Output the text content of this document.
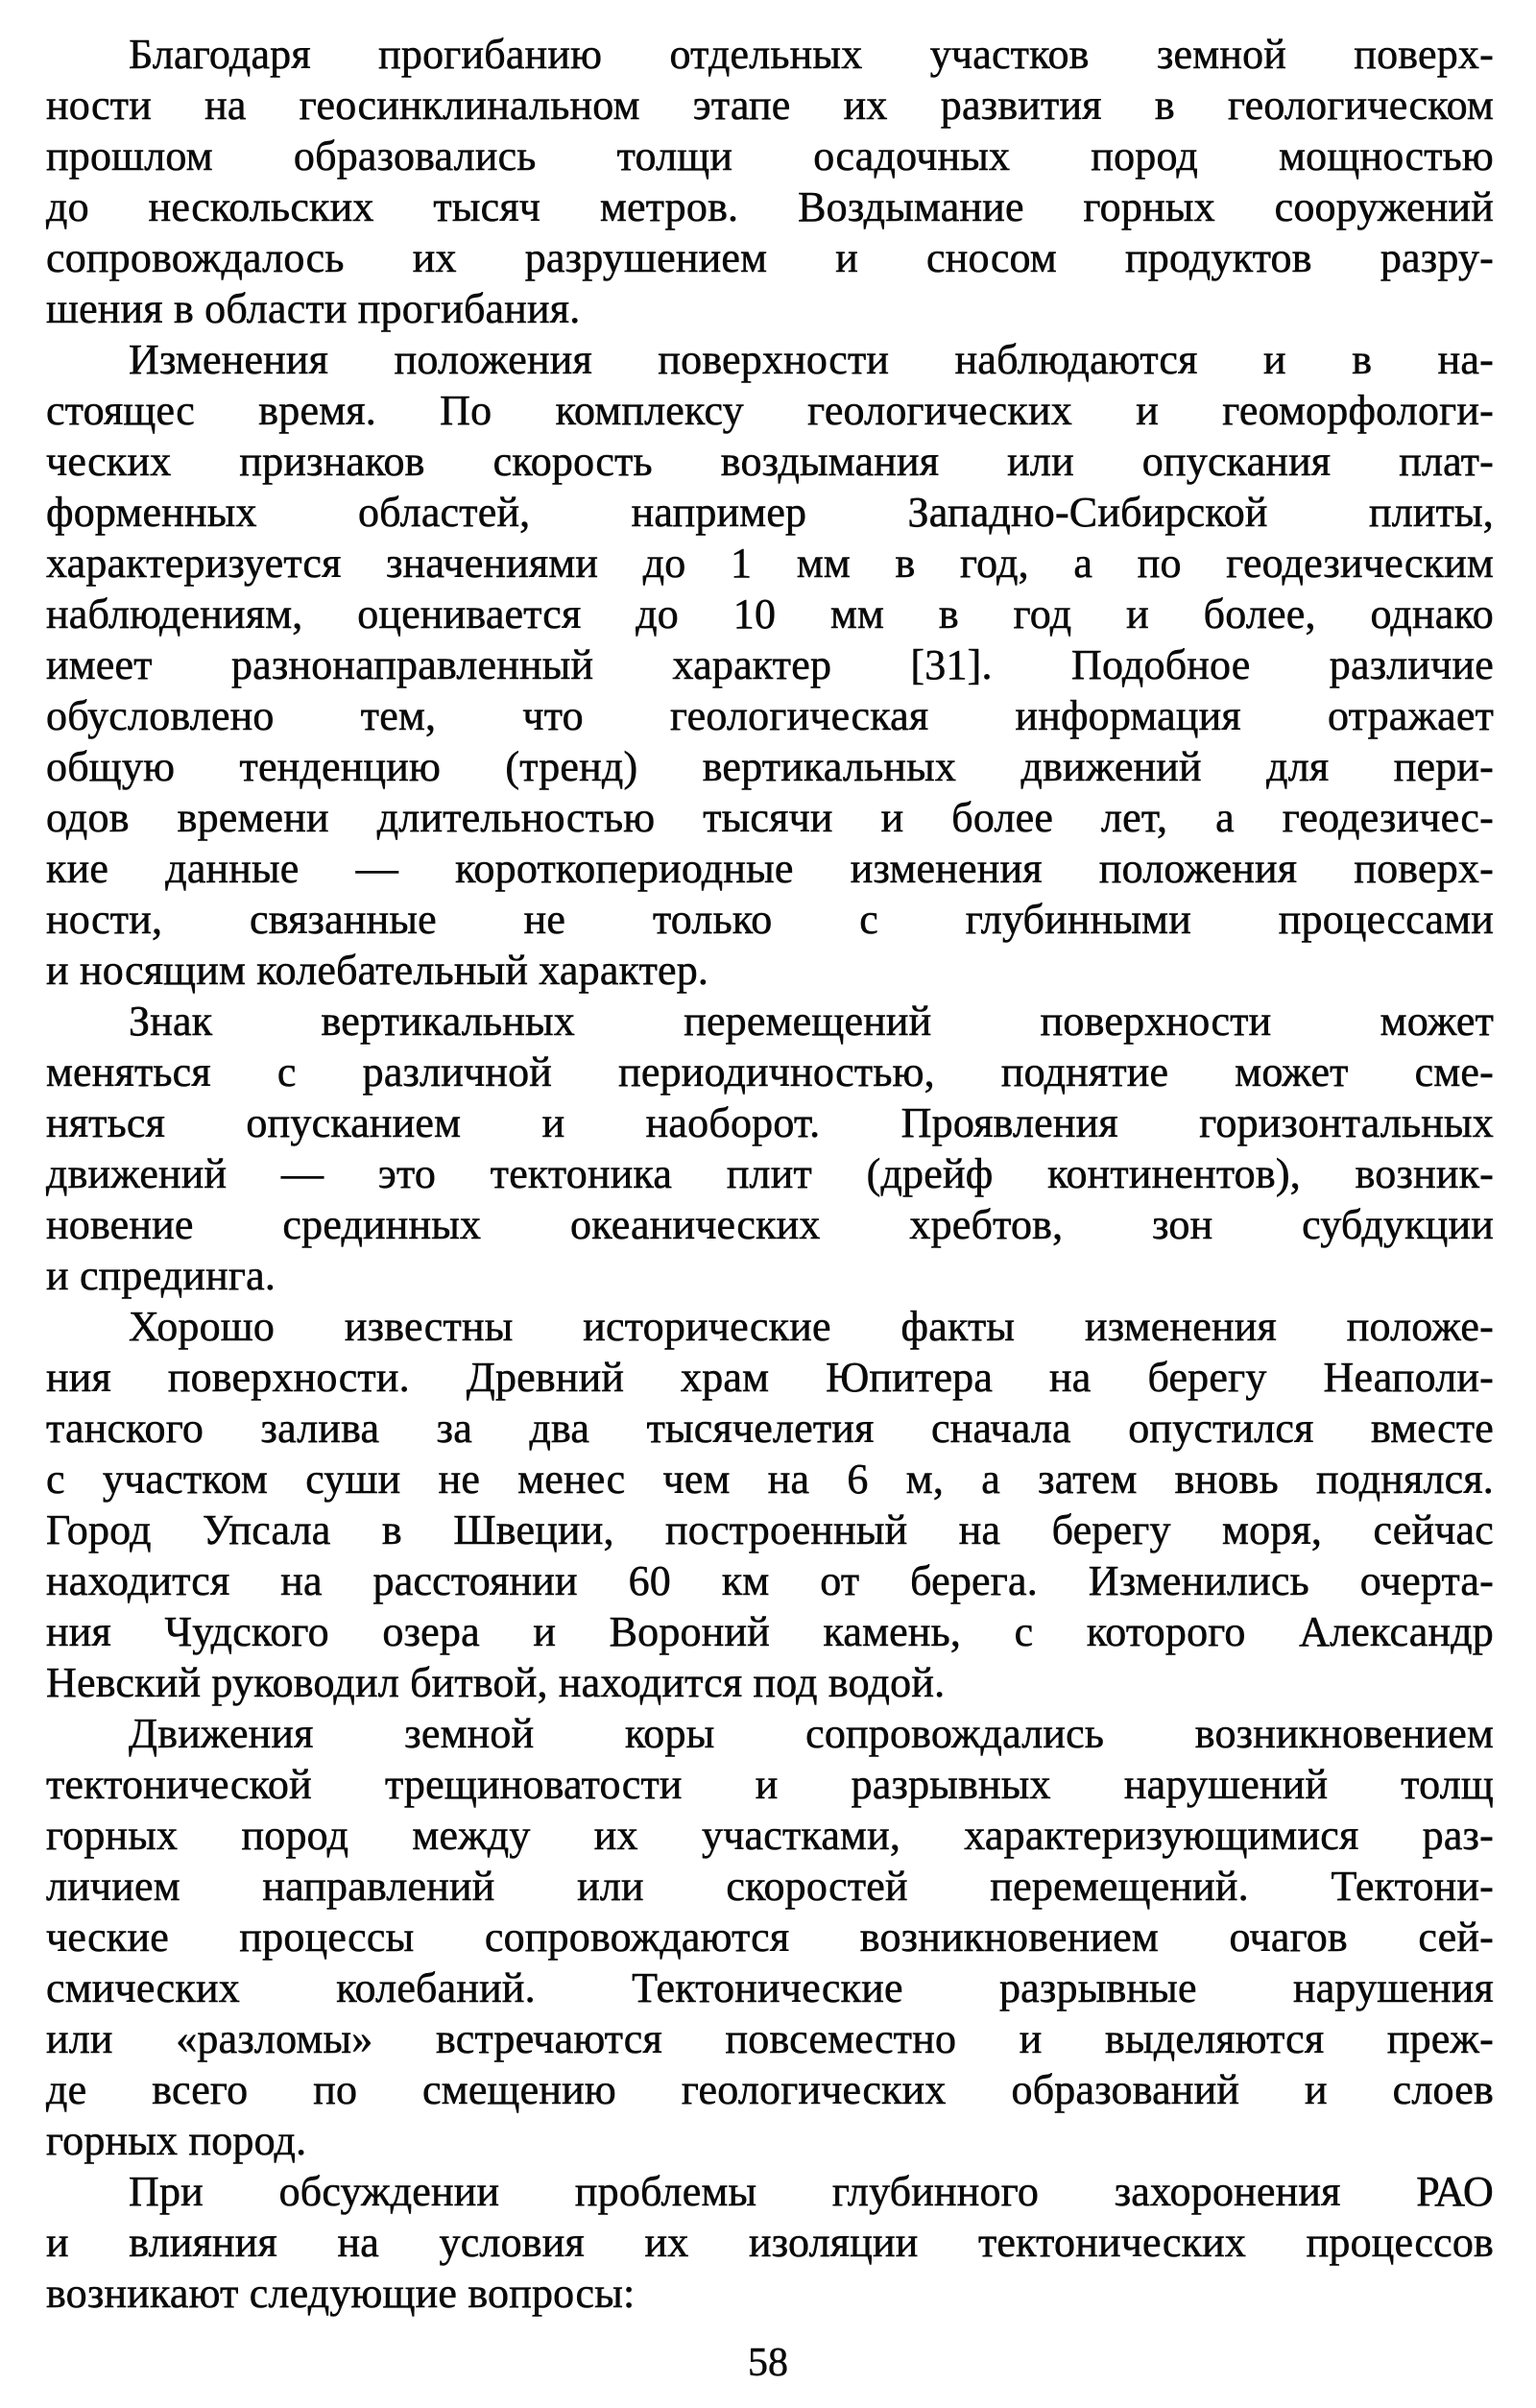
Благодаря прогибанию отдельных участков земной поверх-
ности на геосинклинальном этапе их развития в геологическом
прошлом образовались толщи осадочных пород мощностью
до нескольских тысяч метров. Воздымание горных сооружений
сопровождалось их разрушением и сносом продуктов разру-
шения в области прогибания.

Изменения положения поверхности наблюдаются и в на-
стоящес время. По комплексу геологических и геоморфологи-
ческих признаков скорость воздымания или опускания плат-
форменных областей, например Западно-Сибирской плиты,
характеризуется значениями до 1 мм в год, а по геодезическим
наблюдениям, оценивается до 10 мм в год и более, однако
имеет разнонаправленный характер [31]. Подобное различие
обусловлено тем, что геологическая информация отражает
общую тенденцию (тренд) вертикальных движений для пери-
одов времени длительностью тысячи и более лет, а геодезичес-
кие данные — короткопериодные изменения положения поверх-
ности, связанные не только с глубинными процессами
и носящим колебательный характер.

Знак вертикальных перемещений поверхности может
меняться с различной периодичностью, поднятие может сме-
няться опусканием и наоборот. Проявления горизонтальных
движений — это тектоника плит (дрейф континентов), возник-
новение срединных океанических хребтов, зон субдукции
и спрединга.

Хорошо известны исторические факты изменения положе-
ния поверхности. Древний храм Юпитера на берегу Неаполи-
танского залива за два тысячелетия сначала опустился вместе
с участком суши не менес чем на 6 м, а затем вновь поднялся.
Город Упсала в Швеции, построенный на берегу моря, сейчас
находится на расстоянии 60 км от берега. Изменились очерта-
ния Чудского озера и Вороний камень, с которого Александр
Невский руководил битвой, находится под водой.

Движения земной коры сопровождались возникновением
тектонической трещиноватости и разрывных нарушений толщ
горных пород между их участками, характеризующимися раз-
личием направлений или скоростей перемещений. Тектони-
ческие процессы сопровождаются возникновением очагов сей-
смических колебаний. Тектонические разрывные нарушения
или «разломы» встречаются повсеместно и выделяются преж-
де всего по смещению геологических образований и слоев
горных пород.

При обсуждении проблемы глубинного захоронения РАО
и влияния на условия их изоляции тектонических процессов
возникают следующие вопросы:

58
